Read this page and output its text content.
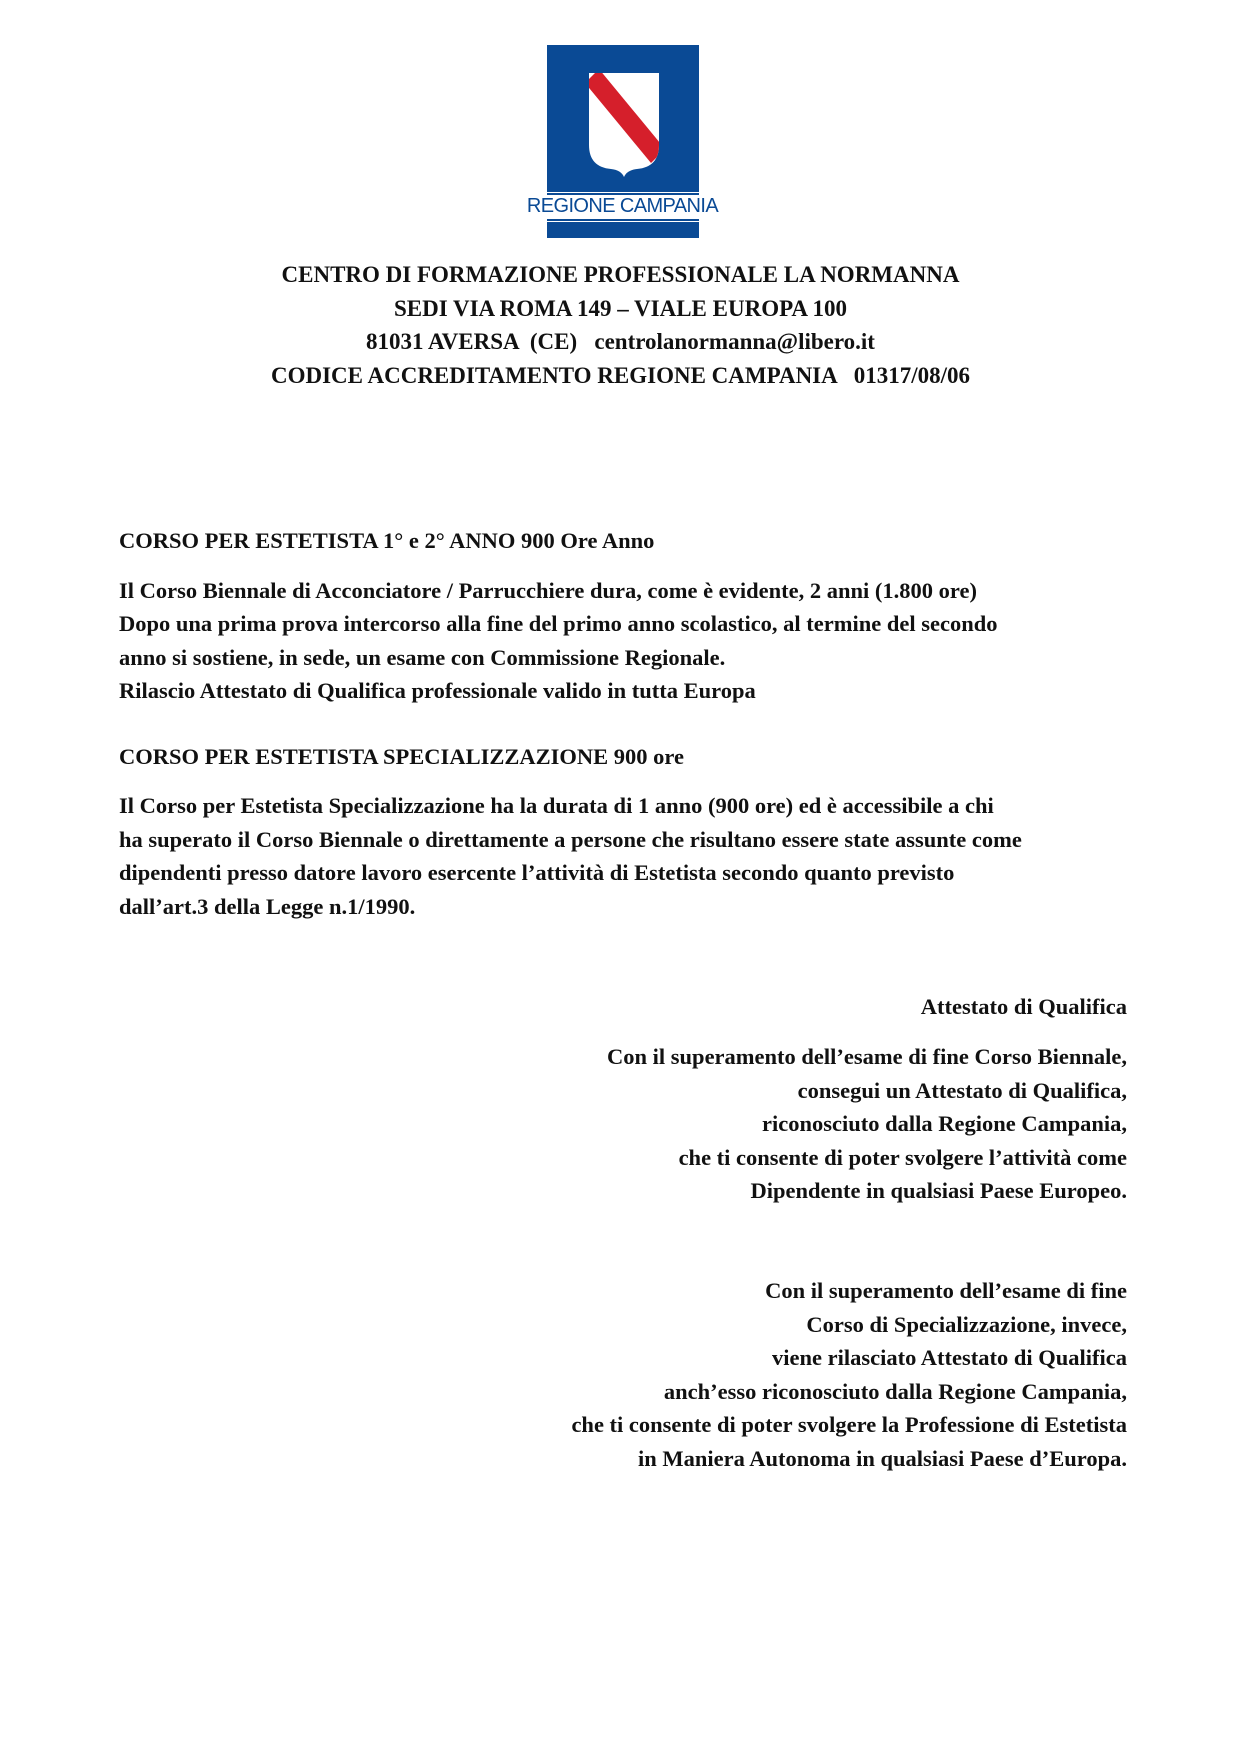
REGIONE CAMPANIA
CENTRO DI FORMAZIONE PROFESSIONALE LA NORMANNA
SEDI VIA ROMA 149 – VIALE EUROPA 100
81031 AVERSA  (CE)   centrolanormanna@libero.it
CODICE ACCREDITAMENTO REGIONE CAMPANIA   01317/08/06
CORSO PER ESTETISTA 1° e 2° ANNO 900 Ore Anno
Il Corso Biennale di Acconciatore / Parrucchiere dura, come è evidente, 2 anni (1.800 ore)
Dopo una prima prova intercorso alla fine del primo anno scolastico, al termine del secondo
anno si sostiene, in sede, un esame con Commissione Regionale.
Rilascio Attestato di Qualifica professionale valido in tutta Europa
CORSO PER ESTETISTA SPECIALIZZAZIONE 900 ore
Il Corso per Estetista Specializzazione ha la durata di 1 anno (900 ore) ed è accessibile a chi
ha superato il Corso Biennale o direttamente a persone che risultano essere state assunte come
dipendenti presso datore lavoro esercente l’attività di Estetista secondo quanto previsto
dall’art.3 della Legge n.1/1990.
Attestato di Qualifica
Con il superamento dell’esame di fine Corso Biennale,
consegui un Attestato di Qualifica,
riconosciuto dalla Regione Campania,
che ti consente di poter svolgere l’attività come
Dipendente in qualsiasi Paese Europeo.
Con il superamento dell’esame di fine
Corso di Specializzazione, invece,
viene rilasciato Attestato di Qualifica
anch’esso riconosciuto dalla Regione Campania,
che ti consente di poter svolgere la Professione di Estetista
in Maniera Autonoma in qualsiasi Paese d’Europa.
